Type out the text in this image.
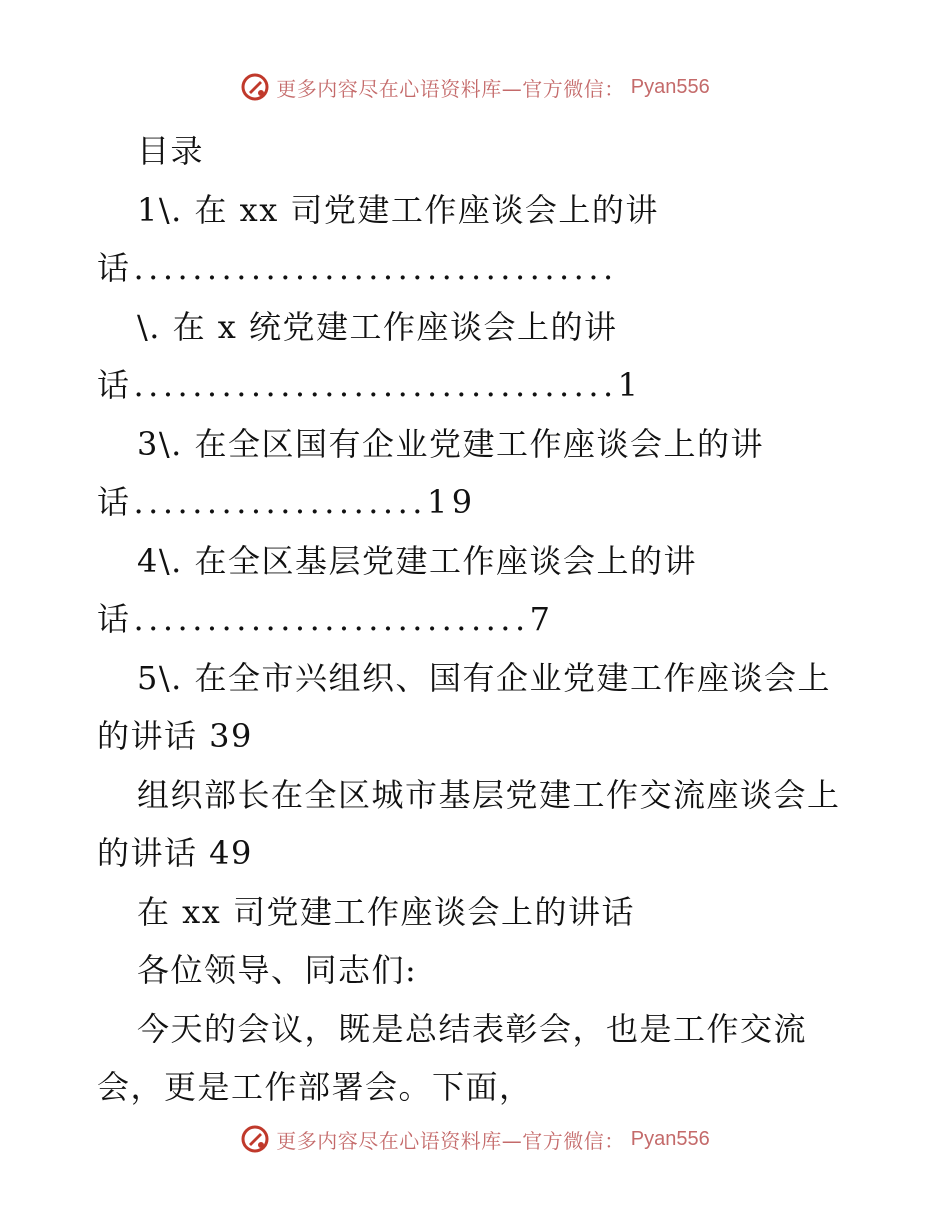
更多内容尽在心语资料库—官方微信： Pyan556
目录
1\. 在 xx 司党建工作座谈会上的讲
话.................................
\. 在 x 统党建工作座谈会上的讲
话.................................1
3\. 在全区国有企业党建工作座谈会上的讲
话....................19
4\. 在全区基层党建工作座谈会上的讲
话...........................7
5\. 在全市兴组织、国有企业党建工作座谈会上
的讲话 39
组织部长在全区城市基层党建工作交流座谈会上
的讲话 49
在 xx 司党建工作座谈会上的讲话
各位领导、同志们:
今天的会议，既是总结表彰会，也是工作交流
会，更是工作部署会。下面，
更多内容尽在心语资料库—官方微信： Pyan556
